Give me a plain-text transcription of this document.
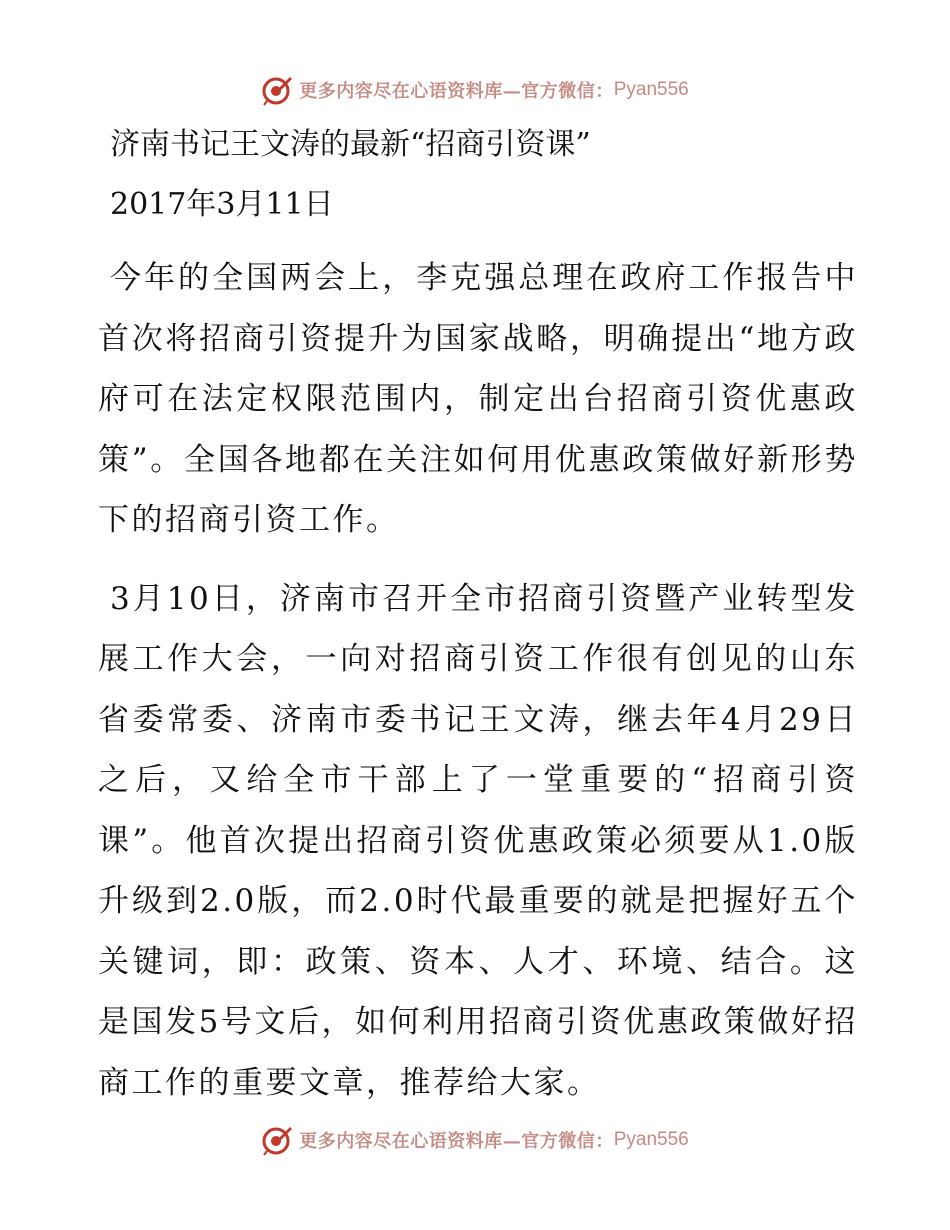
更多内容尽在心语资料库—官方微信： Pyan556
济南书记王文涛的最新“招商引资课”
2017年3月11日

今年的全国两会上，李克强总理在政府工作报告中首次将招商引资提升为国家战略，明确提出“地方政府可在法定权限范围内，制定出台招商引资优惠政策”。全国各地都在关注如何用优惠政策做好新形势下的招商引资工作。

3月10日，济南市召开全市招商引资暨产业转型发展工作大会，一向对招商引资工作很有创见的山东省委常委、济南市委书记王文涛，继去年4月29日之后，又给全市干部上了一堂重要的“招商引资课”。他首次提出招商引资优惠政策必须要从1.0版升级到2.0版，而2.0时代最重要的就是把握好五个关键词，即：政策、资本、人才、环境、结合。这是国发5号文后，如何利用招商引资优惠政策做好招商工作的重要文章，推荐给大家。

更多内容尽在心语资料库—官方微信： Pyan556
